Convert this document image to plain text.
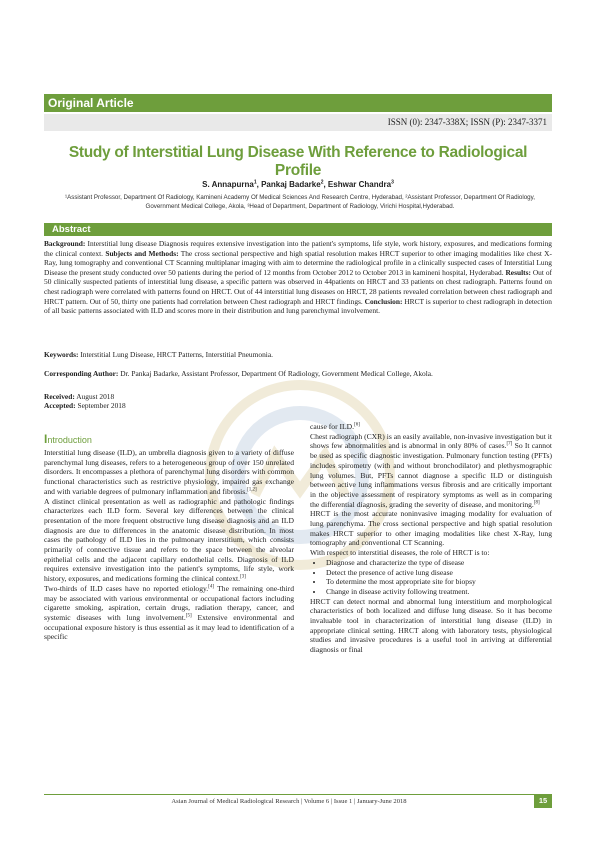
Original Article
ISSN (0): 2347-338X; ISSN (P): 2347-3371
Study of Interstitial Lung Disease With Reference to Radiological Profile
S. Annapurna$^1$, Pankaj Badarke$^2$, Eshwar Chandra$^3$
¹Assistant Professor, Department Of Radiology, Kamineni Academy Of Medical Sciences And Research Centre, Hyderabad, ²Assistant Professor, Department Of Radiology, Government Medical College, Akola, ³Head of Department, Department of Radiology, Virichi Hospital,Hyderabad.
Abstract
Background: Interstitial lung disease Diagnosis requires extensive investigation into the patient's symptoms, life style, work history, exposures, and medications forming the clinical context. Subjects and Methods: The cross sectional perspective and high spatial resolution makes HRCT superior to other imaging modalities like chest X-Ray, lung tomography and conventional CT Scanning multiplanar imaging with aim to determine the radiological profile in a clinically suspected cases of Interstitial Lung Disease the present study conducted over 50 patients during the period of 12 months from October 2012 to October 2013 in kamineni hospital, Hyderabad. Results: Out of 50 clinically suspected patients of interstitial lung disease, a specific pattern was observed in 44patients on HRCT and 33 patients on chest radiograph. Patterns found on chest radiograph were correlated with patterns found on HRCT. Out of 44 interstitial lung diseases on HRCT, 28 patients revealed correlation between chest radiograph and HRCT pattern. Out of 50, thirty one patients had correlation between Chest radiograph and HRCT findings. Conclusion: HRCT is superior to chest radiograph in detection of all basic patterns associated with ILD and scores more in their distribution and lung parenchymal involvement.
Keywords: Interstitial Lung Disease, HRCT Patterns, Interstitial Pneumonia.
Corresponding Author: Dr. Pankaj Badarke, Assistant Professor, Department Of Radiology, Government Medical College, Akola.
Received: August 2018
Accepted: September 2018
Introduction

Interstitial lung disease (ILD), an umbrella diagnosis given to a variety of diffuse parenchymal lung diseases, refers to a heterogeneous group of over 150 unrelated disorders. It encompasses a plethora of parenchymal lung disorders with common functional characteristics such as restrictive physiology, impaired gas exchange and with variable degrees of pulmonary inflammation and fibrosis.[1,2]

A distinct clinical presentation as well as radiographic and pathologic findings characterizes each ILD form. Several key differences between the clinical presentation of the more frequent obstructive lung disease diagnosis and an ILD diagnosis are due to differences in the anatomic disease distribution. In most cases the pathology of ILD lies in the pulmonary interstitium, which consists primarily of connective tissue and refers to the space between the alveolar epithelial cells and the adjacent capillary endothelial cells. Diagnosis of ILD requires extensive investigation into the patient's symptoms, life style, work history, exposures, and medications forming the clinical context.[3]

Two-thirds of ILD cases have no reported etiology.[4] The remaining one-third may be associated with various environmental or occupational factors including cigarette smoking, aspiration, certain drugs, radiation therapy, cancer, and systemic diseases with lung involvement.[5] Extensive environmental and occupational exposure history is thus essential as it may lead to identification of a specific

cause for ILD.[6]

Chest radiograph (CXR) is an easily available, non-invasive investigation but it shows few abnormalities and is abnormal in only 80% of cases.[7] So It cannot be used as specific diagnostic investigation. Pulmonary function testing (PFTs) includes spirometry (with and without bronchodilator) and plethysmographic lung volumes. But, PFTs cannot diagnose a specific ILD or distinguish between active lung inflammations versus fibrosis and are critically important in the objective assessment of respiratory symptoms as well as in comparing the differential diagnosis, grading the severity of disease, and monitoring.[8]

HRCT is the most accurate noninvasive imaging modality for evaluation of lung parenchyma. The cross sectional perspective and high spatial resolution makes HRCT superior to other imaging modalities like chest X-Ray, lung tomography and conventional CT Scanning.

With respect to interstitial diseases, the role of HRCT is to:

• Diagnose and characterize the type of disease
• Detect the presence of active lung disease
• To determine the most appropriate site for biopsy
• Change in disease activity following treatment.

HRCT can detect normal and abnormal lung interstitium and morphological characteristics of both localized and diffuse lung disease. So it has become invaluable tool in characterization of interstitial lung disease (ILD) in appropriate clinical setting. HRCT along with laboratory tests, physiological studies and invasive procedures is a useful tool in arriving at differential diagnosis or final

Asian Journal of Medical Radiological Research | Volume 6 | Issue 1 | January-June 2018	15
